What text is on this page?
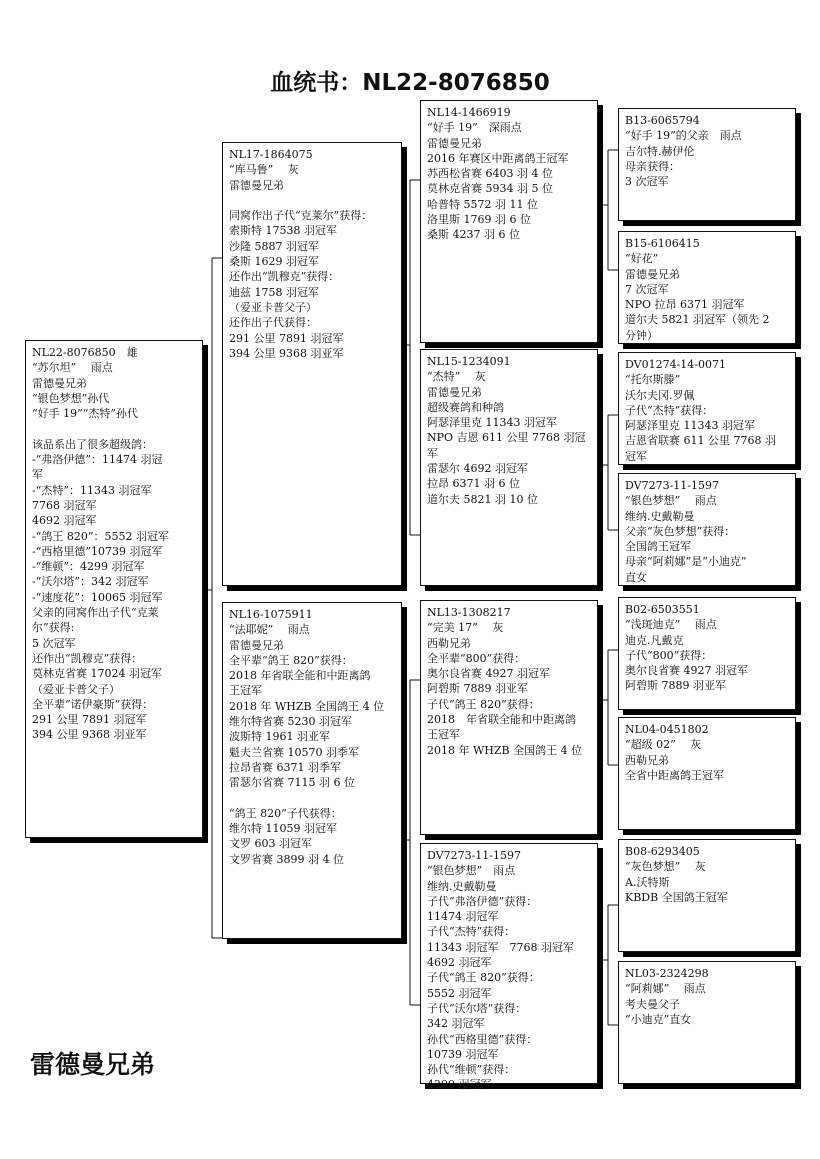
血统书：NL22-8076850
NL22-8076850　雄
“苏尔坦”　 雨点
雷德曼兄弟
“银色梦想”孙代
“好手 19”“杰特”孙代
该品系出了很多超级鸽：
-“弗洛伊德”：11474 羽冠
军
-“杰特”：11343 羽冠军
7768 羽冠军
4692 羽冠军
-“鸽王 820”：5552 羽冠军
-“西格里德”10739 羽冠军
-“维顿”：4299 羽冠军
-“沃尔塔”：342 羽冠军
-“速度花”：10065 羽冠军
父亲的同窝作出子代“克莱
尔”获得:
5 次冠军
还作出“凯穆克”获得：
莫林克省赛 17024 羽冠军
（爱亚卡普父子）
全平辈“诺伊豪斯”获得：
291 公里 7891 羽冠军
394 公里 9368 羽亚军
NL17-1864075
“库马鲁”　 灰
雷德曼兄弟
同窝作出子代“克莱尔”获得：
索斯特 17538 羽冠军
沙隆 5887 羽冠军
桑斯 1629 羽冠军
还作出“凯穆克”获得：
迪兹 1758 羽冠军
（爱亚卡普父子）
还作出子代获得：
291 公里 7891 羽冠军
394 公里 9368 羽亚军
NL16-1075911
“法耶妮”　 雨点
雷德曼兄弟
全平辈“鸽王 820”获得：
2018 年省联全能和中距离鸽
王冠军
2018 年 WHZB 全国鸽王 4 位
维尔特省赛 5230 羽冠军
波斯特 1961 羽亚军
魁夫兰省赛 10570 羽季军
拉昂省赛 6371 羽季军
雷瑟尔省赛 7115 羽 6 位
“鸽王 820”子代获得：
维尔特 11059 羽冠军
文罗 603 羽冠军
文罗省赛 3899 羽 4 位
NL14-1466919
“好手 19”　深雨点
雷德曼兄弟
2016 年赛区中距离鸽王冠军
苏西松省赛 6403 羽 4 位
莫林克省赛 5934 羽 5 位
哈普特 5572 羽 11 位
洛里斯 1769 羽 6 位
桑斯 4237 羽 6 位
NL15-1234091
“杰特”　 灰
雷德曼兄弟
超级赛鸽和种鸽
阿瑟泽里克 11343 羽冠军
NPO 吉恩 611 公里 7768 羽冠
军
雷瑟尔 4692 羽冠军
拉昂 6371 羽 6 位
道尔夫 5821 羽 10 位
NL13-1308217
“完美 17”　 灰
西勒兄弟
全平辈“800”获得：
奥尔良省赛 4927 羽冠军
阿碧斯 7889 羽亚军
子代“鸽王 820”获得：
2018　年省联全能和中距离鸽
王冠军
2018 年 WHZB 全国鸽王 4 位
DV7273-11-1597
“银色梦想”　雨点
维纳.史戴勒曼
子代“弗洛伊德”获得：
11474 羽冠军
子代“杰特”获得：
11343 羽冠军　7768 羽冠军
4692 羽冠军
子代“鸽王 820”获得：
5552 羽冠军
子代“沃尔塔”获得：
342 羽冠军
孙代“西格里德”获得：
10739 羽冠军
孙代“维顿”获得：
4299 羽冠军
B13-6065794
“好手 19”的父亲　雨点
吉尔特.赫伊伦
母亲获得：
3 次冠军
B15-6106415
“好花”
雷德曼兄弟
7 次冠军
NPO 拉昂 6371 羽冠军
道尔夫 5821 羽冠军（领先 2
分钟）
DV01274-14-0071
“托尔斯滕”
沃尔夫冈.罗佩
子代“杰特”获得：
阿瑟泽里克 11343 羽冠军
吉恩省联赛 611 公里 7768 羽
冠军
DV7273-11-1597
“银色梦想”　 雨点
维纳.史戴勒曼
父亲“灰色梦想”获得：
全国鸽王冠军
母亲“阿莉娜”是“小迪克”
直女
B02-6503551
“浅斑迪克”　 雨点
迪克.凡戴克
子代“800”获得：
奥尔良省赛 4927 羽冠军
阿碧斯 7889 羽亚军
NL04-0451802
“超级 02”　 灰
西勒兄弟
全省中距离鸽王冠军
B08-6293405
“灰色梦想”　 灰
A.沃特斯
KBDB 全国鸽王冠军
NL03-2324298
“阿莉娜”　 雨点
考夫曼父子
“小迪克”直女
雷德曼兄弟
